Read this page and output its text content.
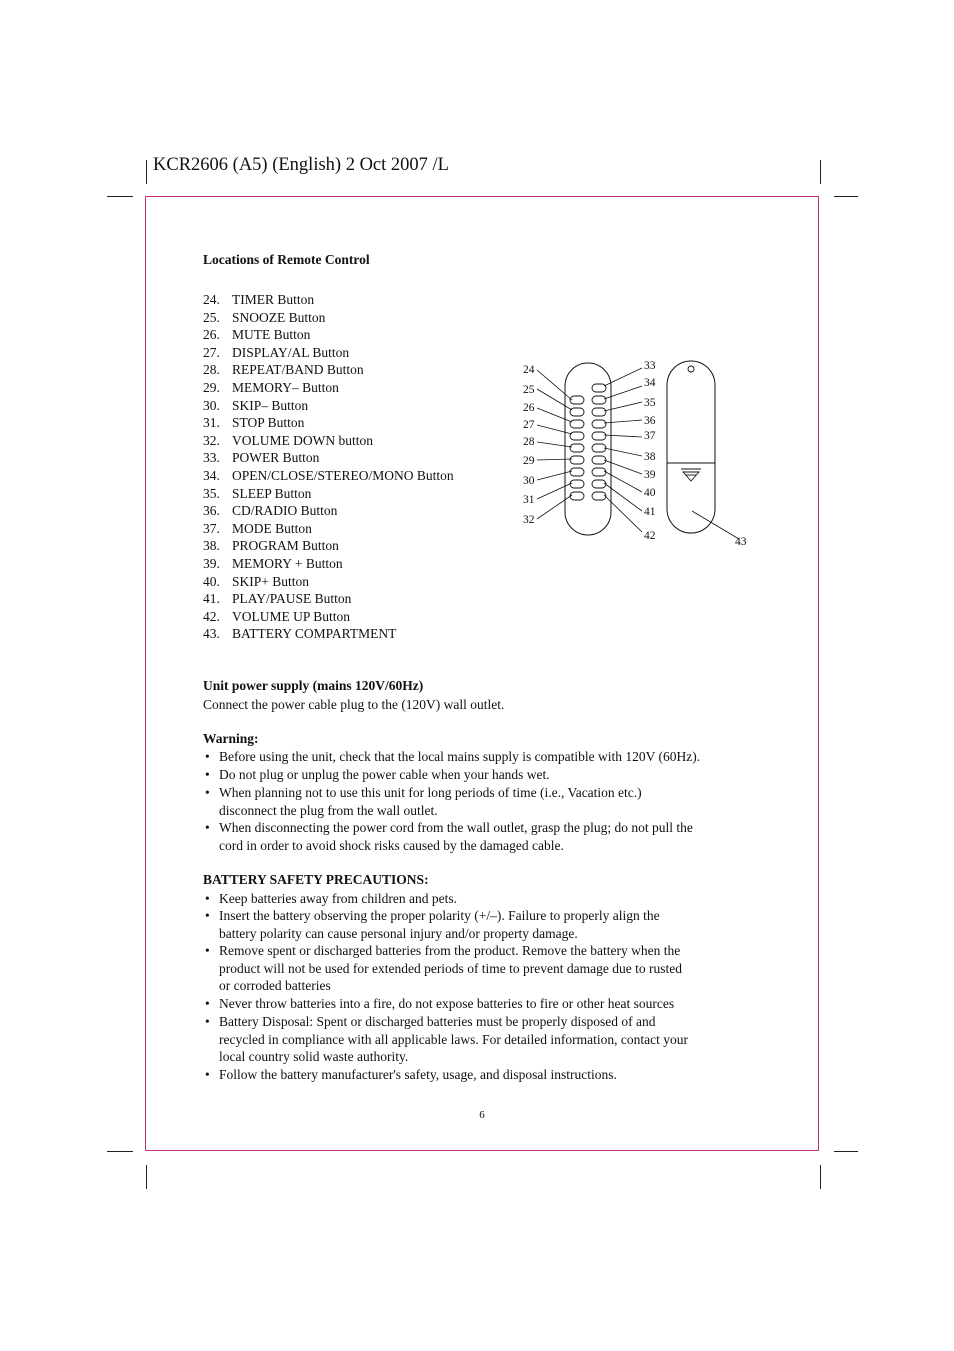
KCR2606 (A5) (English) 2 Oct 2007 /L
Locations of Remote Control
24. TIMER Button
25. SNOOZE Button
26. MUTE Button
27. DISPLAY/AL Button
28. REPEAT/BAND Button
29. MEMORY– Button
30. SKIP– Button
31. STOP Button
32. VOLUME DOWN button
33. POWER Button
34. OPEN/CLOSE/STEREO/MONO Button
35. SLEEP Button
36. CD/RADIO Button
37. MODE Button
38. PROGRAM Button
39. MEMORY + Button
40. SKIP+ Button
41. PLAY/PAUSE Button
42. VOLUME UP Button
43. BATTERY COMPARTMENT
24
25
26
27
28
29
30
31
32
33
34
35
36
37
38
39
40
41
42	43
Unit power supply (mains 120V/60Hz)
Connect the power cable plug to the (120V) wall outlet.
Warning:
• Before using the unit, check that the local mains supply is compatible with 120V (60Hz).
• Do not plug or unplug the power cable when your hands wet.
• When planning not to use this unit for long periods of time (i.e., Vacation etc.)
disconnect the plug from the wall outlet.
• When disconnecting the power cord from the wall outlet, grasp the plug; do not pull the
cord in order to avoid shock risks caused by the damaged cable.
BATTERY SAFETY PRECAUTIONS:
• Keep batteries away from children and pets.
• Insert the battery observing the proper polarity (+/–). Failure to properly align the
battery polarity can cause personal injury and/or property damage.
• Remove spent or discharged batteries from the product. Remove the battery when the
product will not be used for extended periods of time to prevent damage due to rusted
or corroded batteries
• Never throw batteries into a fire, do not expose batteries to fire or other heat sources
• Battery Disposal: Spent or discharged batteries must be properly disposed of and
recycled in compliance with all applicable laws. For detailed information, contact your
local country solid waste authority.
• Follow the battery manufacturer's safety, usage, and disposal instructions.
6
